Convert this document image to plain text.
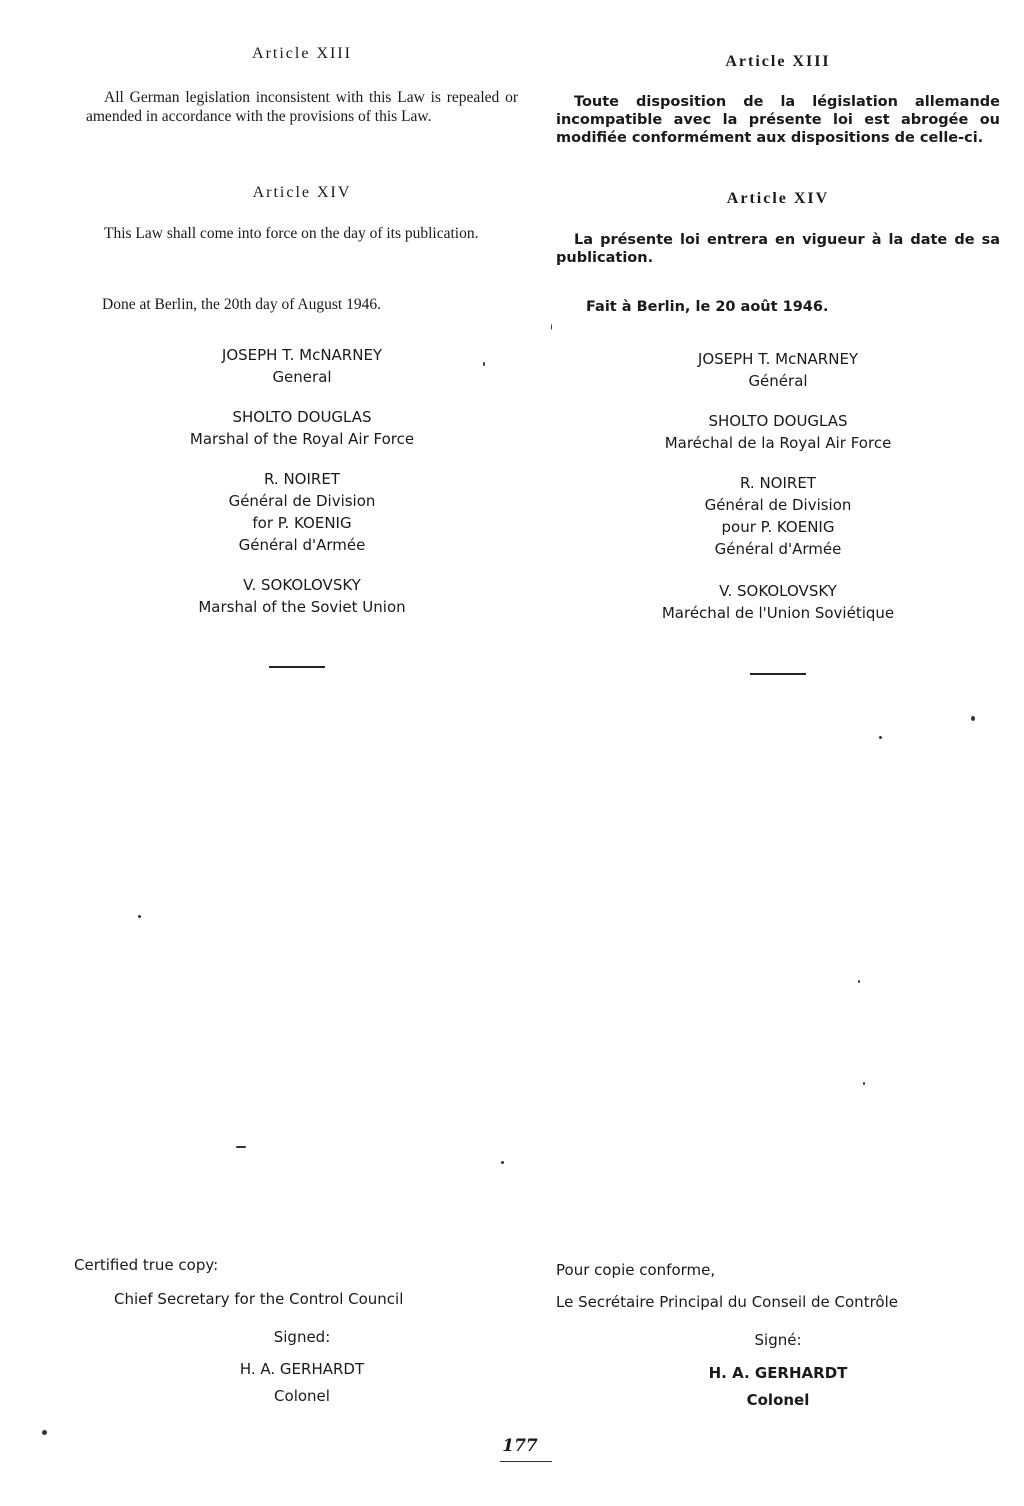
Article XIII
All German legislation inconsistent with this Law is repealed or amended in accordance with the provisions of this Law.
Article XIV
This Law shall come into force on the day of its publication.
Done at Berlin, the 20th day of August 1946.
JOSEPH T. McNARNEY
General
SHOLTO DOUGLAS
Marshal of the Royal Air Force
R. NOIRET
Général de Division
for P. KOENIG
Général d'Armée
V. SOKOLOVSKY
Marshal of the Soviet Union
Certified true copy:
Chief Secretary for the Control Council
Signed:
H. A. GERHARDT
Colonel
Article XIII
Toute disposition de la législation allemande incompatible avec la présente loi est abrogée ou modifiée conformément aux dispositions de celle-ci.
Article XIV
La présente loi entrera en vigueur à la date de sa publication.
Fait à Berlin, le 20 août 1946.
JOSEPH T. McNARNEY
Général
SHOLTO DOUGLAS
Maréchal de la Royal Air Force
R. NOIRET
Général de Division
pour P. KOENIG
Général d'Armée
V. SOKOLOVSKY
Maréchal de l'Union Soviétique
Pour copie conforme,
Le Secrétaire Principal du Conseil de Contrôle
Signé:
H. A. GERHARDT
Colonel
177
